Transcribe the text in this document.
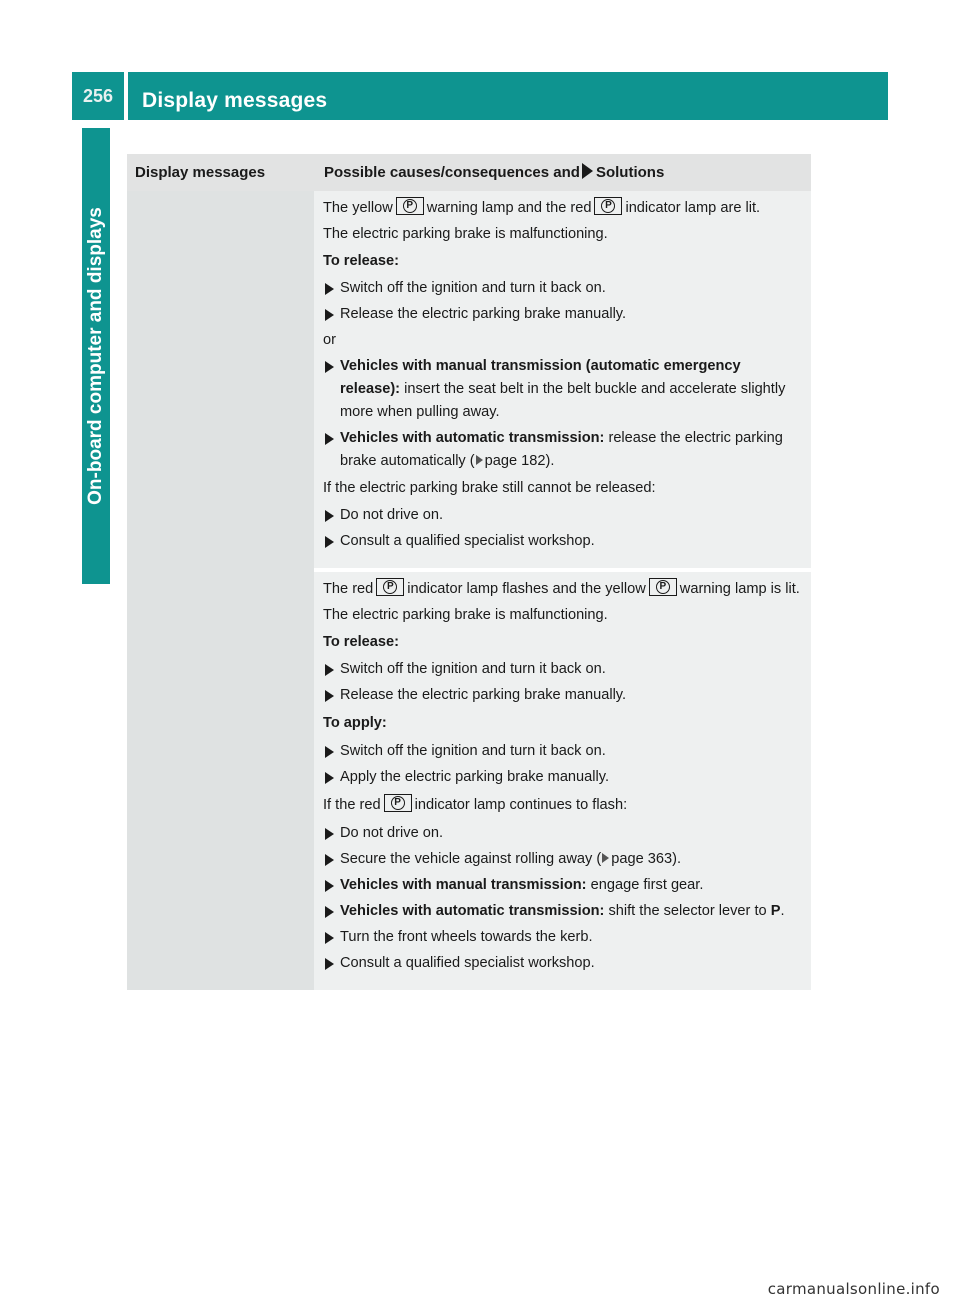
256	Display messages
On-board computer and displays
Display messages	Possible causes/consequences and Solutions

The yellow P warning lamp and the red P indicator lamp are lit.

The electric parking brake is malfunctioning.

To release:

Switch off the ignition and turn it back on.
Release the electric parking brake manually.

or

Vehicles with manual transmission (automatic emergency release): insert the seat belt in the belt buckle and accelerate slightly more when pulling away.
Vehicles with automatic transmission: release the electric parking brake automatically ( page 182).

If the electric parking brake still cannot be released:

Do not drive on.
Consult a qualified specialist workshop.

The red P indicator lamp flashes and the yellow P warning lamp is lit.

The electric parking brake is malfunctioning.

To release:

Switch off the ignition and turn it back on.
Release the electric parking brake manually.

To apply:

Switch off the ignition and turn it back on.
Apply the electric parking brake manually.

If the red P indicator lamp continues to flash:

Do not drive on.
Secure the vehicle against rolling away ( page 363).
Vehicles with manual transmission: engage first gear.
Vehicles with automatic transmission: shift the selector lever to P.
Turn the front wheels towards the kerb.
Consult a qualified specialist workshop.
carmanualsonline.info
